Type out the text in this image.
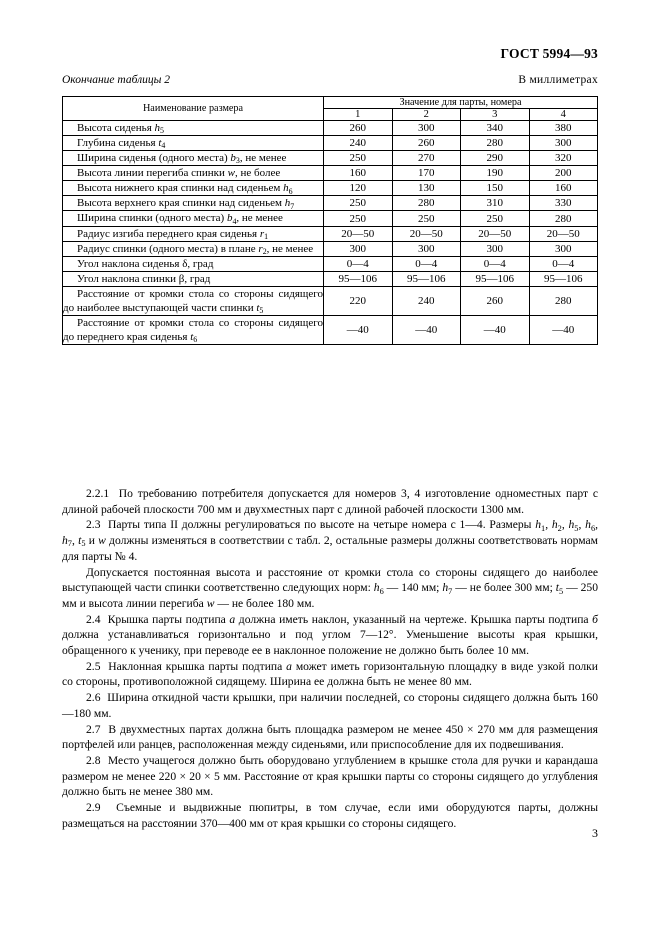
ГОСТ 5994—93
Окончание таблицы 2	В миллиметрах
Наименование размера	Значение для парты, номера			
	1	2	3	4
Высота сиденья $h_5$	260	300	340	380
Глубина сиденья $t_4$	240	260	280	300
Ширина сиденья (одного места) $b_3$, не менее	250	270	290	320
Высота линии перегиба спинки w, не более	160	170	190	200
Высота нижнего края спинки над сиденьем $h_6$	120	130	150	160
Высота верхнего края спинки над сиденьем $h_7$	250	280	310	330
Ширина спинки (одного места) $b_4$, не менее	250	250	250	280
Радиус изгиба переднего края сиденья $r_1$	20—50	20—50	20—50	20—50
Радиус спинки (одного места) в плане $r_2$, не менее	300	300	300	300
Угол наклона сиденья δ, град	0—4	0—4	0—4	0—4
Угол наклона спинки β, град	95—106	95—106	95—106	95—106
Расстояние от кромки стола со стороны сидящего до наиболее выступающей части спинки $t_5$	220	240	260	280
Расстояние от кромки стола со стороны сидящего до переднего края сиденья $t_6$	—40	—40	—40	—40

2.2.1  По требованию потребителя допускается для номеров 3, 4 изготовление одноместных парт с длиной рабочей плоскости 700 мм и двухместных парт с длиной рабочей плоскости 1300 мм.

2.3  Парты типа II должны регулироваться по высоте на четыре номера с 1—4. Размеры $h_1$, $h_2$, $h_5$, $h_6$, $h_7$, $t_5$ и w должны изменяться в соответствии с табл. 2, остальные размеры должны соответствовать нормам для парты № 4.

Допускается постоянная высота и расстояние от кромки стола со стороны сидящего до наиболее выступающей части спинки соответственно следующих норм: $h_6$ — 140 мм; $h_7$ — не более 300 мм; $t_5$ — 250 мм и высота линии перегиба w — не более 180 мм.

2.4  Крышка парты подтипа а должна иметь наклон, указанный на чертеже. Крышка парты подтипа б должна устанавливаться горизонтально и под углом 7—12°. Уменьшение высоты края крышки, обращенного к ученику, при переводе ее в наклонное положение не должно быть более 10 мм.

2.5  Наклонная крышка парты подтипа а может иметь горизонтальную площадку в виде узкой полки со стороны, противоположной сидящему. Ширина ее должна быть не менее 80 мм.

2.6  Ширина откидной части крышки, при наличии последней, со стороны сидящего должна быть 160—180 мм.

2.7  В двухместных партах должна быть площадка размером не менее 450 × 270 мм для размещения портфелей или ранцев, расположенная между сиденьями, или приспособление для их подвешивания.

2.8  Место учащегося должно быть оборудовано углублением в крышке стола для ручки и карандаша размером не менее 220 × 20 × 5 мм. Расстояние от края крышки парты со стороны сидящего до углубления должно быть не менее 380 мм.

2.9  Съемные и выдвижные пюпитры, в том случае, если ими оборудуются парты, должны размещаться на расстоянии 370—400 мм от края крышки со стороны сидящего.

3
